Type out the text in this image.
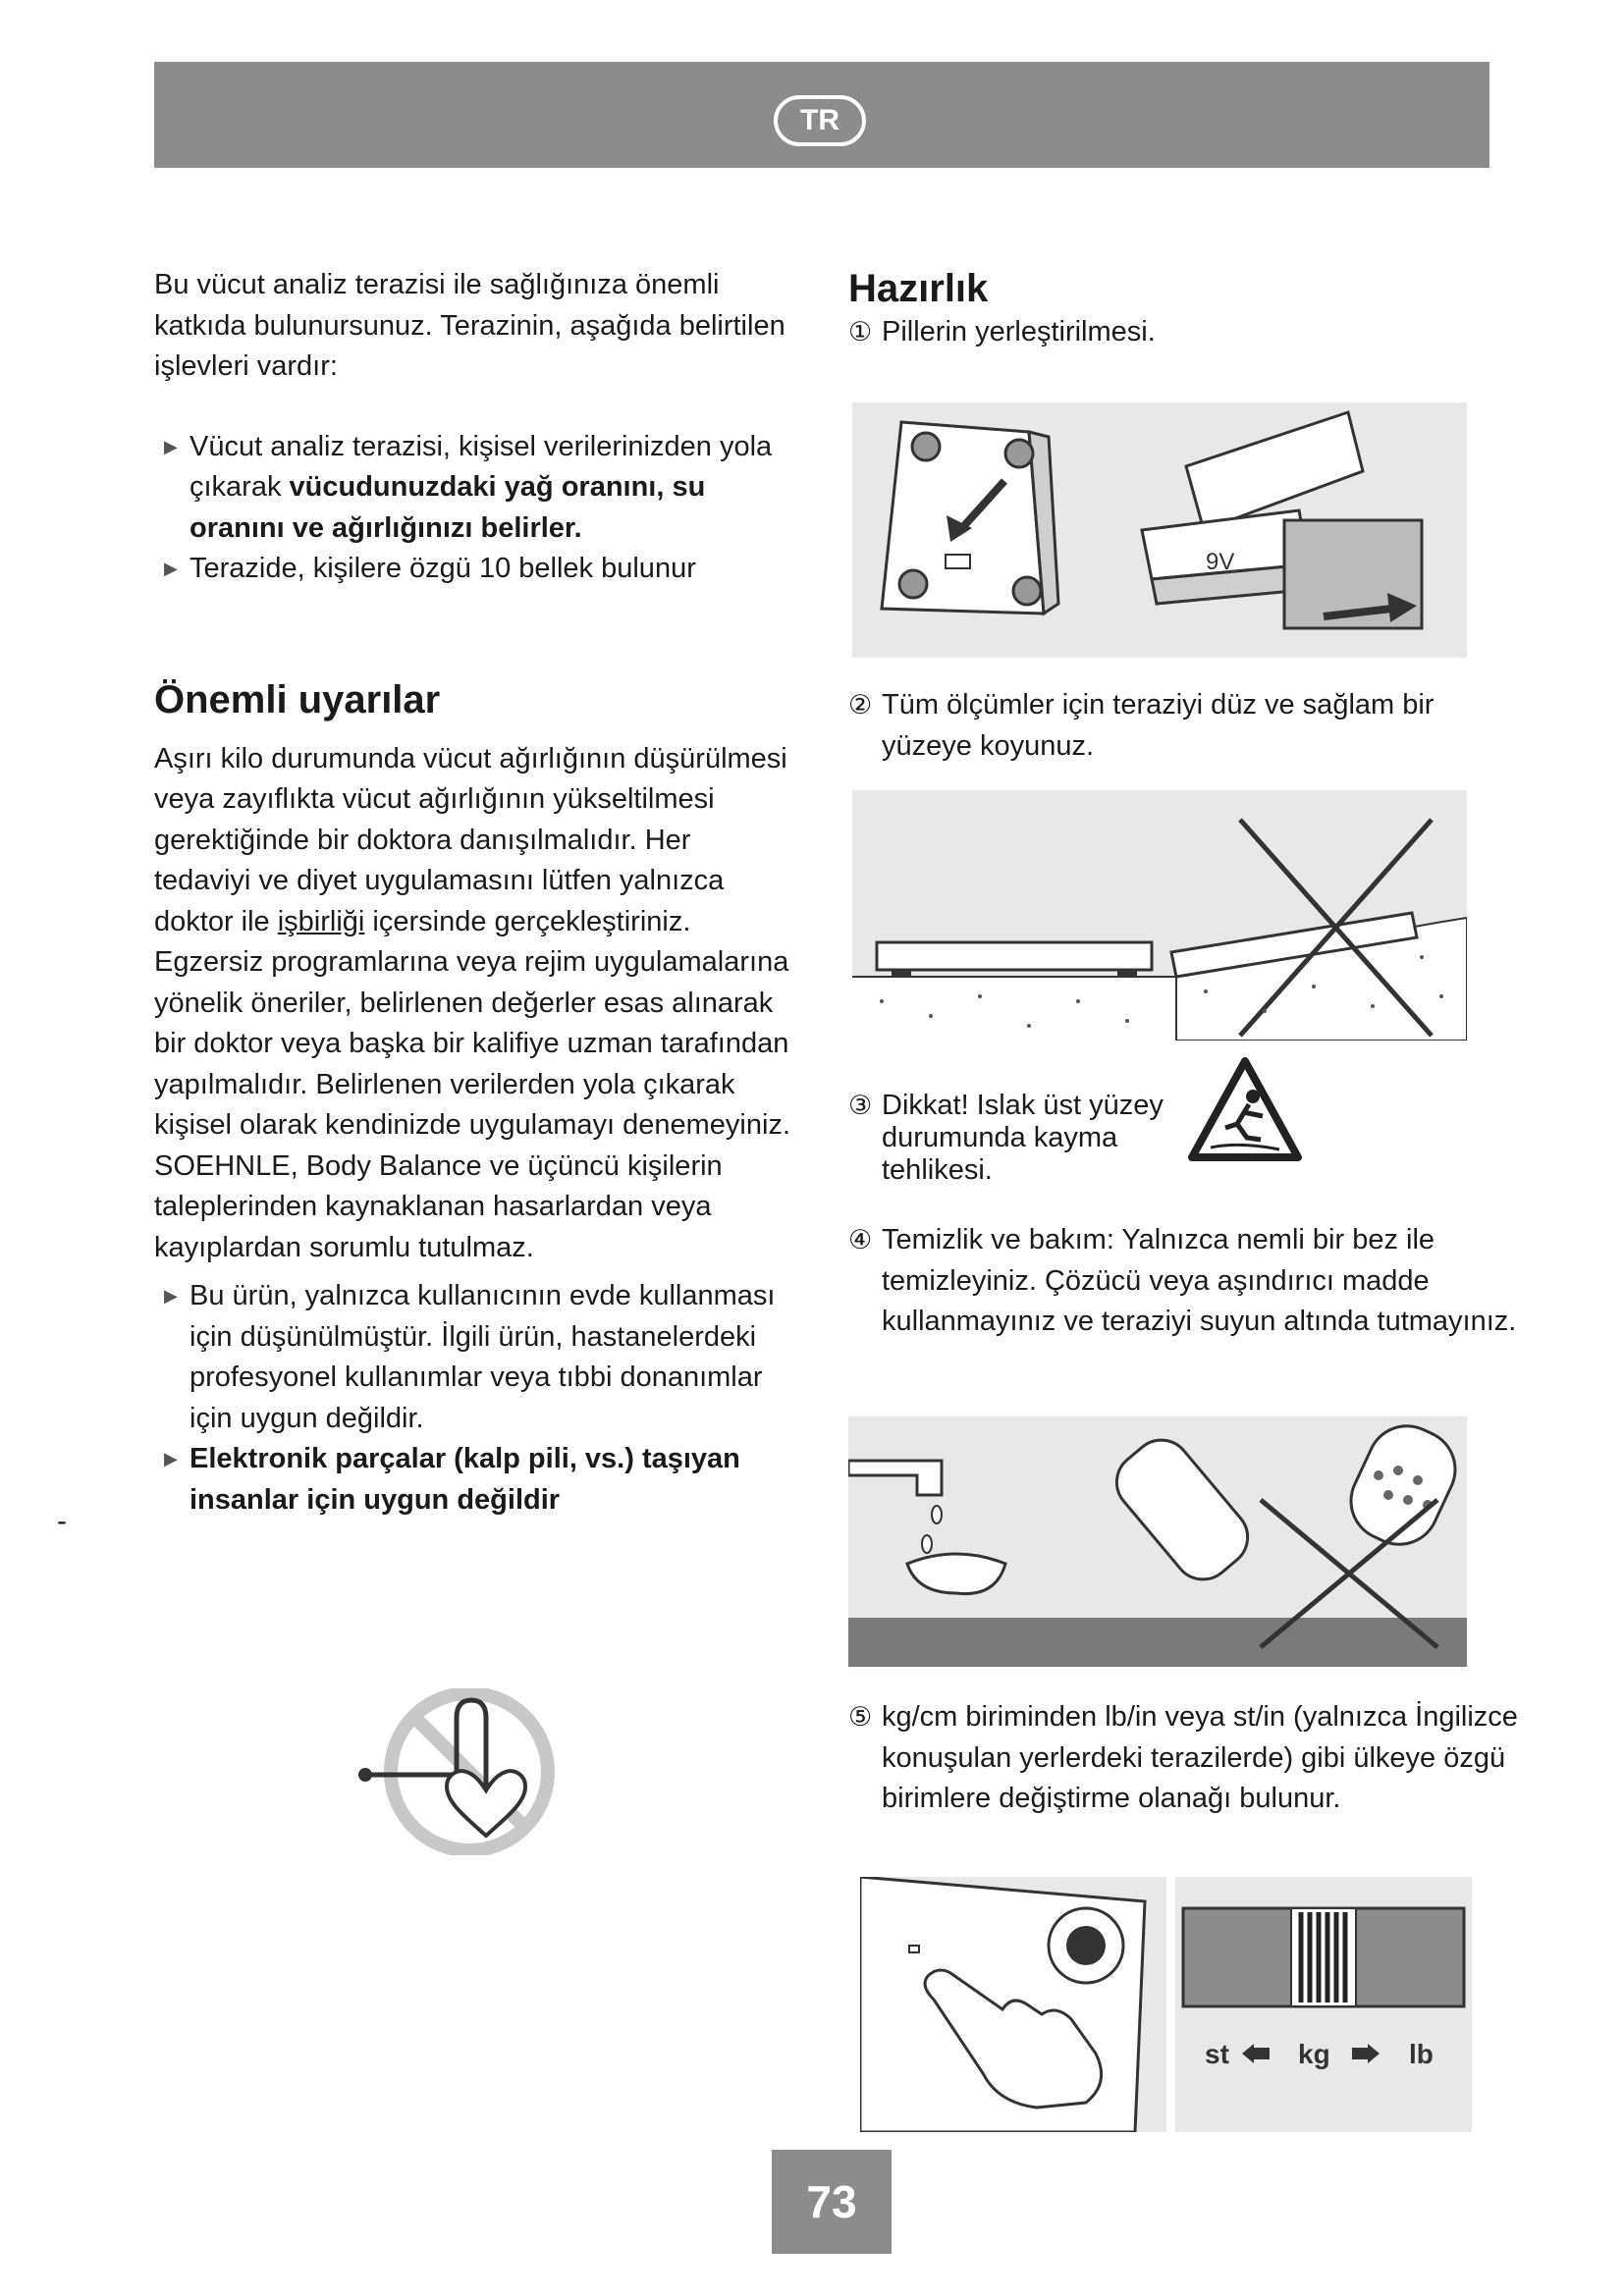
TR
-

Bu vücut analiz terazisi ile sağlığınıza önemli katkıda bulunursunuz. Terazinin, aşağıda belirtilen işlevleri vardır:

▶ Vücut analiz terazisi, kişisel verilerinizden yola çıkarak vücudunuzdaki yağ oranını, su oranını ve ağırlığınızı belirler.
▶ Terazide, kişilere özgü 10 bellek bulunur
Önemli uyarılar

Aşırı kilo durumunda vücut ağırlığının düşürülmesi veya zayıflıkta vücut ağırlığının yükseltilmesi gerektiğinde bir doktora danışılmalıdır. Her tedaviyi ve diyet uygulamasını lütfen yalnızca doktor ile işbirliği içersinde gerçekleştiriniz.

Egzersiz programlarına veya rejim uygulamalarına yönelik öneriler, belirlenen değerler esas alınarak bir doktor veya başka bir kalifiye uzman tarafından yapılmalıdır. Belirlenen verilerden yola çıkarak kişisel olarak kendinizde uygulamayı denemeyiniz.

SOEHNLE, Body Balance ve üçüncü kişilerin taleplerinden kaynaklanan hasarlardan veya kayıplardan sorumlu tutulmaz.

▶ Bu ürün, yalnızca kullanıcının evde kullanması için düşünülmüştür. İlgili ürün, hastanelerdeki profesyonel kullanımlar veya tıbbi donanımlar için uygun değildir.
▶ Elektronik parçalar (kalp pili, vs.) taşıyan insanlar için uygun değildir
Hazırlık
① Pillerin yerleştirilmesi.
② Tüm ölçümler için teraziyi düz ve sağlam bir yüzeye koyunuz.
③ Dikkat! Islak üst yüzey durumunda kayma tehlikesi.
④ Temizlik ve bakım: Yalnızca nemli bir bez ile temizleyiniz. Çözücü veya aşındırıcı madde kullanmayınız ve teraziyi suyun altında tutmayınız.
⑤ kg/cm biriminden lb/in veya st/in (yalnızca İngilizce konuşulan yerlerdeki terazilerde) gibi ülkeye özgü birimlere değiştirme olanağı bulunur.
9V
st	kg	lb
73
